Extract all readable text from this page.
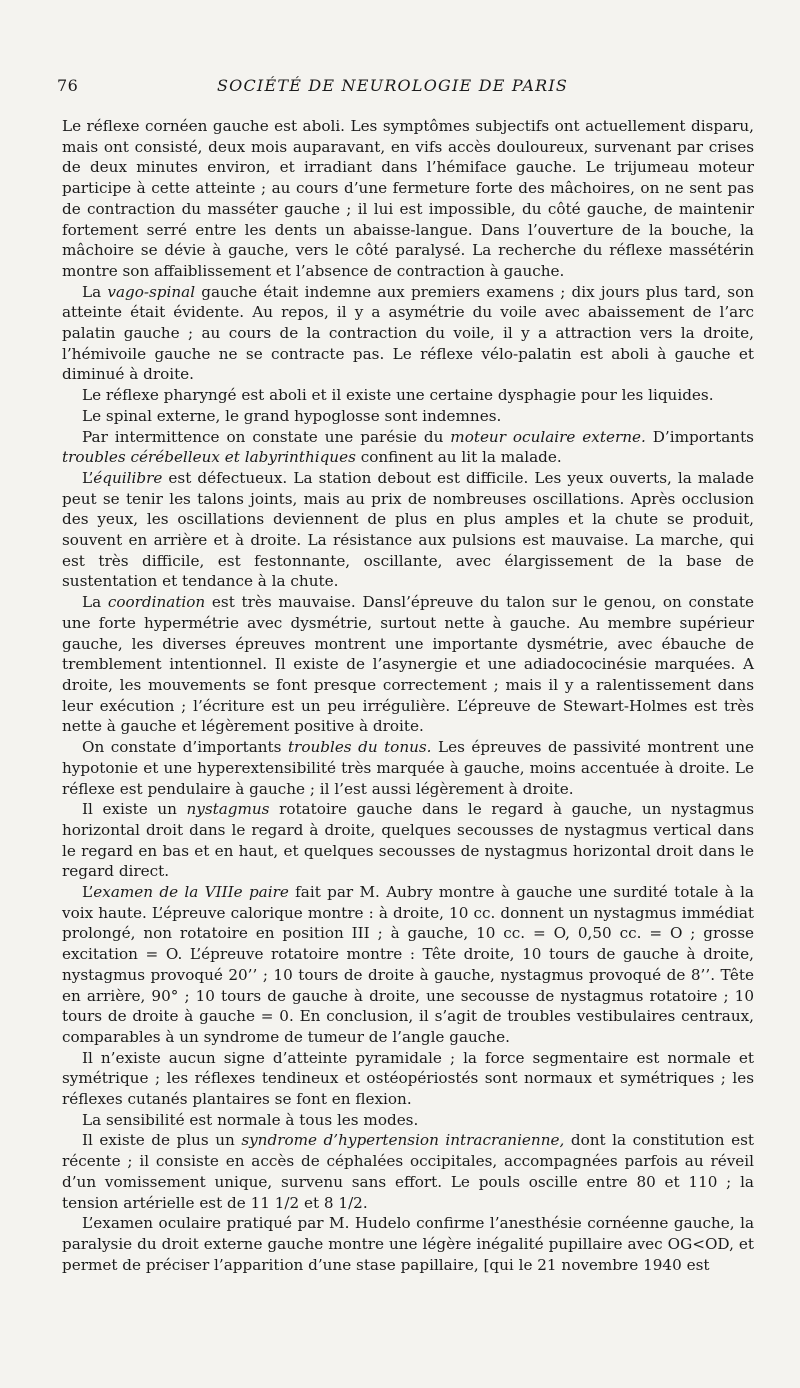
76	SOCIÉTÉ DE NEUROLOGIE DE PARIS

Le réflexe cornéen gauche est aboli. Les symptômes subjectifs ont actuellement disparu, mais ont consisté, deux mois auparavant, en vifs accès douloureux, survenant par crises de deux minutes environ, et irradiant dans l’hémiface gauche. Le trijumeau moteur participe à cette atteinte ; au cours d’une fermeture forte des mâchoires, on ne sent pas de contraction du masséter gauche ; il lui est impossible, du côté gauche, de maintenir fortement serré entre les dents un abaisse-langue. Dans l’ouverture de la bouche, la mâchoire se dévie à gauche, vers le côté paralysé. La recherche du réflexe massétérin montre son affaiblissement et l’absence de contraction à gauche.

La vago-spinal gauche était indemne aux premiers examens ; dix jours plus tard, son atteinte était évidente. Au repos, il y a asymétrie du voile avec abaissement de l’arc palatin gauche ; au cours de la contraction du voile, il y a attraction vers la droite, l’hémivoile gauche ne se contracte pas. Le réflexe vélo-palatin est aboli à gauche et diminué à droite.

Le réflexe pharyngé est aboli et il existe une certaine dysphagie pour les liquides.

Le spinal externe, le grand hypoglosse sont indemnes.

Par intermittence on constate une parésie du moteur oculaire externe. D’importants troubles cérébelleux et labyrinthiques confinent au lit la malade.

L’équilibre est défectueux. La station debout est difficile. Les yeux ouverts, la malade peut se tenir les talons joints, mais au prix de nombreuses oscillations. Après occlusion des yeux, les oscillations deviennent de plus en plus amples et la chute se produit, souvent en arrière et à droite. La résistance aux pulsions est mauvaise. La marche, qui est très difficile, est festonnante, oscillante, avec élargissement de la base de sustentation et tendance à la chute.

La coordination est très mauvaise. Dansl’épreuve du talon sur le genou, on constate une forte hypermétrie avec dysmétrie, surtout nette à gauche. Au membre supérieur gauche, les diverses épreuves montrent une importante dysmétrie, avec ébauche de tremblement intentionnel. Il existe de l’asynergie et une adiadococinésie marquées. A droite, les mouvements se font presque correctement ; mais il y a ralentissement dans leur exécution ; l’écriture est un peu irrégulière. L’épreuve de Stewart-Holmes est très nette à gauche et légèrement positive à droite.

On constate d’importants troubles du tonus. Les épreuves de passivité montrent une hypotonie et une hyperextensibilité très marquée à gauche, moins accentuée à droite. Le réflexe est pendulaire à gauche ; il l’est aussi légèrement à droite.

Il existe un nystagmus rotatoire gauche dans le regard à gauche, un nystagmus horizontal droit dans le regard à droite, quelques secousses de nystagmus vertical dans le regard en bas et en haut, et quelques secousses de nystagmus horizontal droit dans le regard direct.

L’examen de la VIIIe paire fait par M. Aubry montre à gauche une surdité totale à la voix haute. L’épreuve calorique montre : à droite, 10 cc. donnent un nystagmus immédiat prolongé, non rotatoire en position III ; à gauche, 10 cc. = O, 0,50 cc. = O ; grosse excitation = O. L’épreuve rotatoire montre : Tête droite, 10 tours de gauche à droite, nystagmus provoqué 20’’ ; 10 tours de droite à gauche, nystagmus provoqué de 8’’. Tête en arrière, 90° ; 10 tours de gauche à droite, une secousse de nystagmus rotatoire ; 10 tours de droite à gauche = 0. En conclusion, il s’agit de troubles vestibulaires centraux, comparables à un syndrome de tumeur de l’angle gauche.

Il n’existe aucun signe d’atteinte pyramidale ; la force segmentaire est normale et symétrique ; les réflexes tendineux et ostéopériostés sont normaux et symétriques ; les réflexes cutanés plantaires se font en flexion.

La sensibilité est normale à tous les modes.

Il existe de plus un syndrome d’hypertension intracranienne, dont la constitution est récente ; il consiste en accès de céphalées occipitales, accompagnées parfois au réveil d’un vomissement unique, survenu sans effort. Le pouls oscille entre 80 et 110 ; la tension artérielle est de 11 1/2 et 8 1/2.

L’examen oculaire pratiqué par M. Hudelo confirme l’anesthésie cornéenne gauche, la paralysie du droit externe gauche montre une légère inégalité pupillaire avec OG<OD, et permet de préciser l’apparition d’une stase papillaire, [qui le 21 novembre 1940 est
